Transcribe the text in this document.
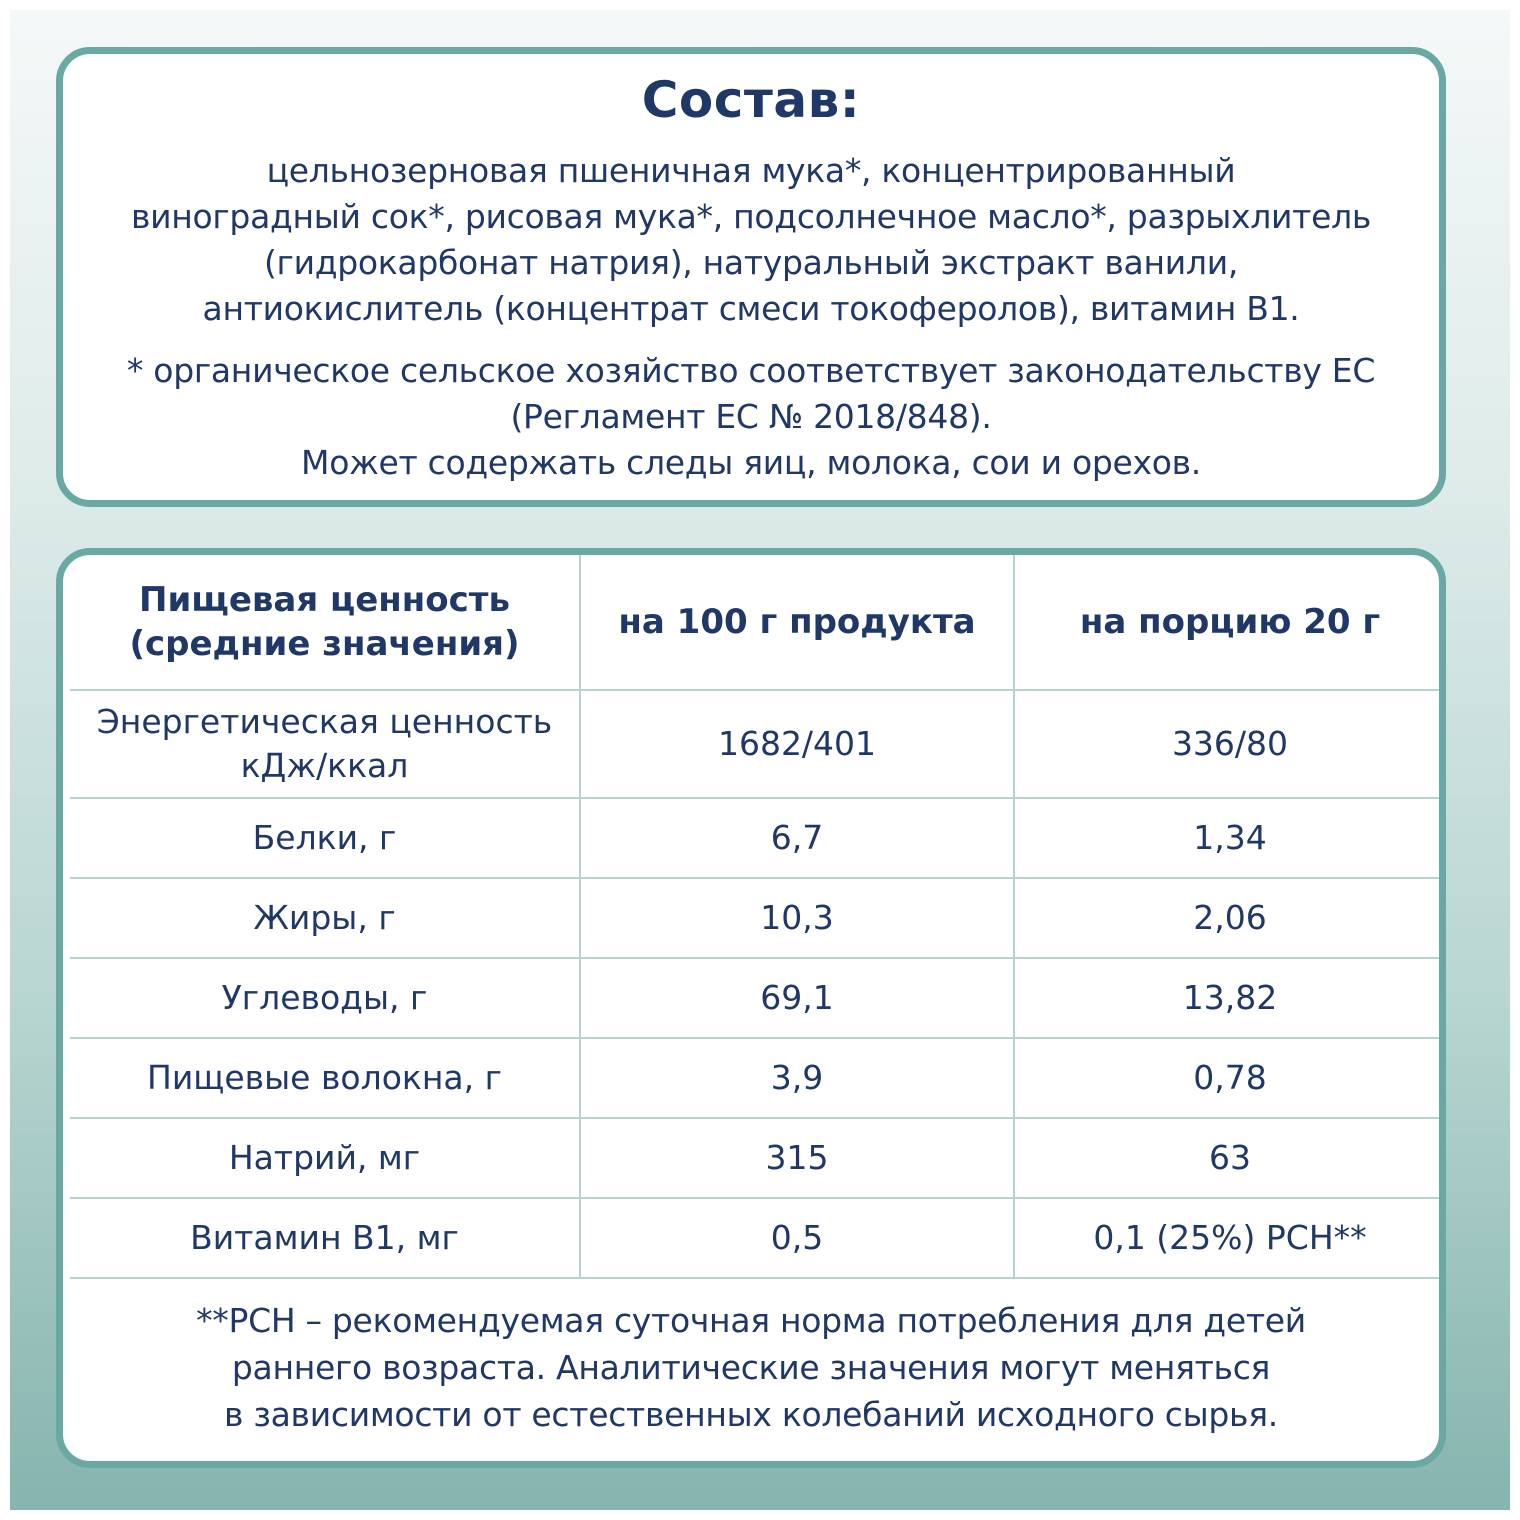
Состав:
цельнозерновая пшеничная мука*, концентрированный
виноградный сок*, рисовая мука*, подсолнечное масло*, разрыхлитель
(гидрокарбонат натрия), натуральный экстракт ванили,
антиокислитель (концентрат смеси токоферолов), витамин B1.
* органическое сельское хозяйство соответствует законодательству ЕС
(Регламент ЕС № 2018/848).
Может содержать следы яиц, молока, сои и орехов.
Пищевая ценность
(средние значения)	на 100 г продукта	на порцию 20 г
Энергетическая ценность
кДж/ккал	1682/401	336/80
Белки, г	6,7	1,34
Жиры, г	10,3	2,06
Углеводы, г	69,1	13,82
Пищевые волокна, г	3,9	0,78
Натрий, мг	315	63
Витамин B1, мг	0,5	0,1 (25%) РСН**
**РСН – рекомендуемая суточная норма потребления для детей
раннего возраста. Аналитические значения могут меняться
в зависимости от естественных колебаний исходного сырья.
